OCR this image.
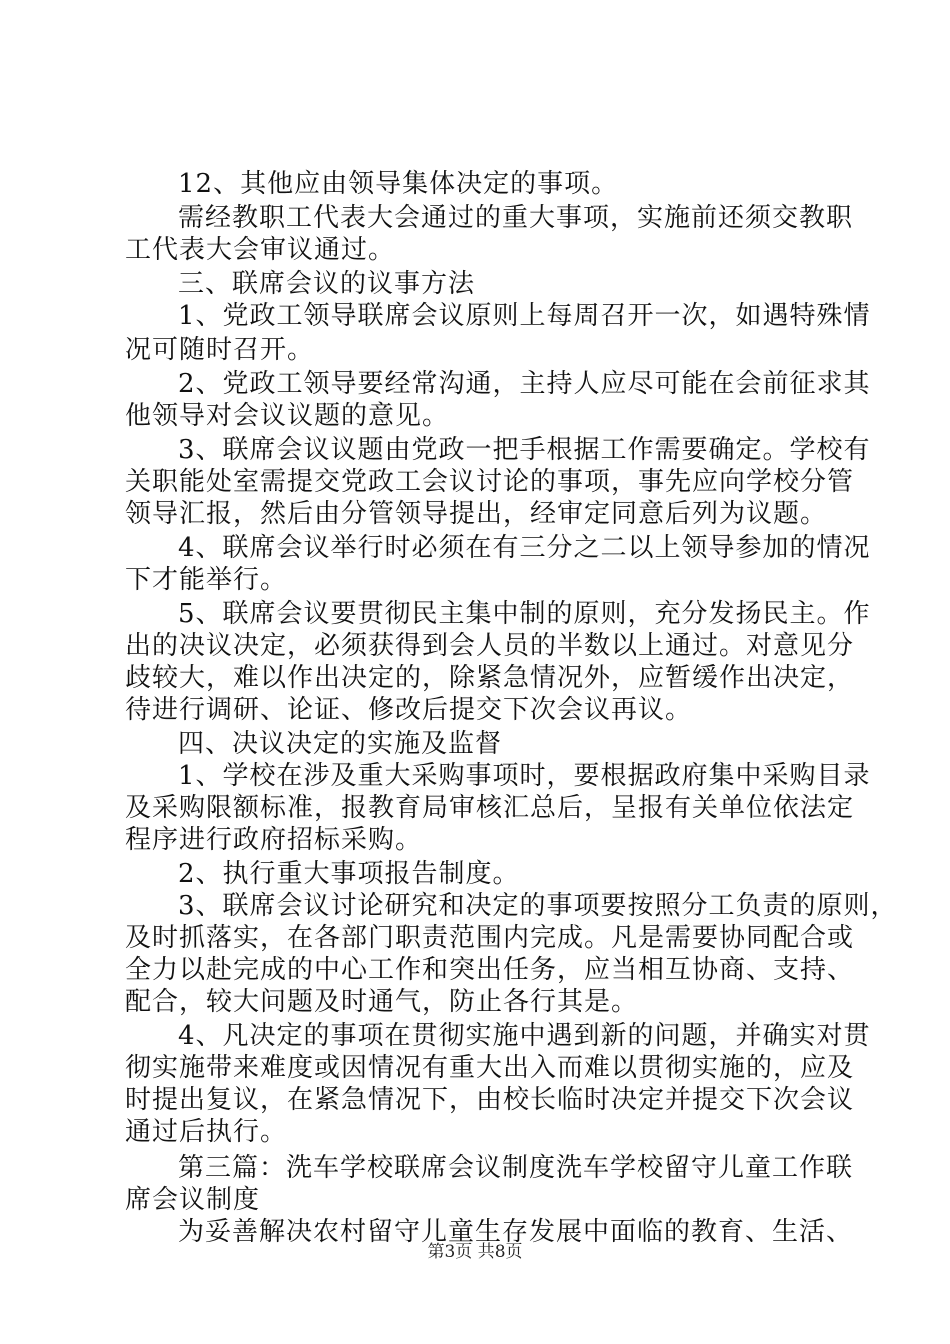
12、其他应由领导集体决定的事项。
需经教职工代表大会通过的重大事项，实施前还须交教职
工代表大会审议通过。
三、联席会议的议事方法
1、党政工领导联席会议原则上每周召开一次，如遇特殊情
况可随时召开。
2、党政工领导要经常沟通，主持人应尽可能在会前征求其
他领导对会议议题的意见。
3、联席会议议题由党政一把手根据工作需要确定。学校有
关职能处室需提交党政工会议讨论的事项，事先应向学校分管
领导汇报，然后由分管领导提出，经审定同意后列为议题。
4、联席会议举行时必须在有三分之二以上领导参加的情况
下才能举行。
5、联席会议要贯彻民主集中制的原则，充分发扬民主。作
出的决议决定，必须获得到会人员的半数以上通过。对意见分
歧较大，难以作出决定的，除紧急情况外，应暂缓作出决定，
待进行调研、论证、修改后提交下次会议再议。
四、决议决定的实施及监督
1、学校在涉及重大采购事项时，要根据政府集中采购目录
及采购限额标准，报教育局审核汇总后，呈报有关单位依法定
程序进行政府招标采购。
2、执行重大事项报告制度。
3、联席会议讨论研究和决定的事项要按照分工负责的原则，
及时抓落实，在各部门职责范围内完成。凡是需要协同配合或
全力以赴完成的中心工作和突出任务，应当相互协商、支持、
配合，较大问题及时通气，防止各行其是。
4、凡决定的事项在贯彻实施中遇到新的问题，并确实对贯
彻实施带来难度或因情况有重大出入而难以贯彻实施的，应及
时提出复议，在紧急情况下，由校长临时决定并提交下次会议
通过后执行。
第三篇：洗车学校联席会议制度洗车学校留守儿童工作联
席会议制度
第3页 共8页
为妥善解决农村留守儿童生存发展中面临的教育、生活、
